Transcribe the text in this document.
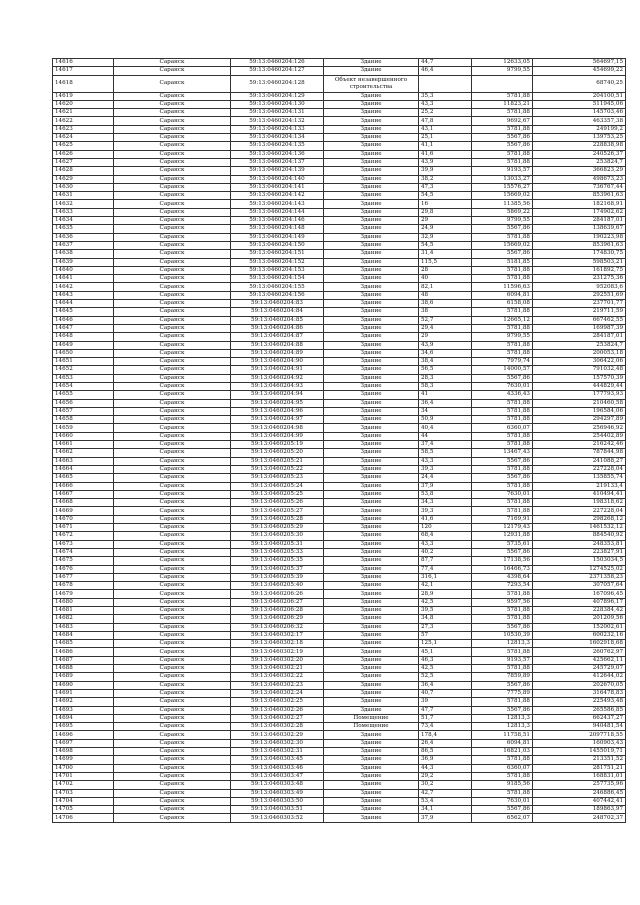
14616	Саранск	59:13:0460204:126	Здание	44,7	12633,05	564697,15
14617	Саранск	59:13:0460204:127	Здание	46,4	9799,55	454699,22
14618	Саранск	59:13:0460204:128	Объект незавершенного строительства			68740,25
14619	Саранск	59:13:0460204:129	Здание	35,3	5781,88	204100,51
14620	Саранск	59:13:0460204:130	Здание	43,3	11823,21	511945,06
14621	Саранск	59:13:0460204:131	Здание	25,2	5781,88	145703,46
14622	Саранск	59:13:0460204:132	Здание	47,8	9692,67	463357,38
14623	Саранск	59:13:0460204:133	Здание	43,1	5781,88	249199,2
14624	Саранск	59:13:0460204:134	Здание	25,1	5567,86	139753,25
14625	Саранск	59:13:0460204:135	Здание	41,1	5567,86	228838,98
14626	Саранск	59:13:0460204:136	Здание	41,6	5781,88	240526,37
14627	Саранск	59:13:0460204:137	Здание	43,9	5781,88	253824,7
14628	Саранск	59:13:0460204:139	Здание	39,9	9193,57	366823,29
14629	Саранск	59:13:0460204:140	Здание	38,2	13033,27	498673,23
14630	Саранск	59:13:0460204:141	Здание	47,3	15576,27	736767,44
14631	Саранск	59:13:0460204:142	Здание	54,5	15669,02	853961,63
14632	Саранск	59:13:0460204:143	Здание	16	11385,56	182168,91
14633	Саранск	59:13:0460204:144	Здание	29,8	5869,22	174902,62
14634	Саранск	59:13:0460204:146	Здание	29	9799,55	284187,01
14635	Саранск	59:13:0460204:148	Здание	24,9	5567,86	138639,67
14636	Саранск	59:13:0460204:149	Здание	32,9	5781,88	190223,98
14637	Саранск	59:13:0460204:150	Здание	54,5	15669,02	853961,63
14638	Саранск	59:13:0460204:151	Здание	31,4	5567,86	174830,75
14639	Саранск	59:13:0460204:152	Здание	115,5	5181,85	598503,21
14640	Саранск	59:13:0460204:153	Здание	28	5781,88	161892,75
14641	Саранск	59:13:0460204:154	Здание	40	5781,88	231275,36
14642	Саранск	59:13:0460204:155	Здание	82,1	11596,63	952083,6
14643	Саранск	59:13:0460204:156	Здание	48	6094,81	292551,69
14644	Саранск	59:13:0460204:83	Здание	38,6	6158,08	237701,77
14645	Саранск	59:13:0460204:84	Здание	38	5781,88	219711,59
14646	Саранск	59:13:0460204:85	Здание	52,7	12665,12	667462,55
14647	Саранск	59:13:0460204:86	Здание	29,4	5781,88	169987,39
14648	Саранск	59:13:0460204:87	Здание	29	9799,55	284187,01
14649	Саранск	59:13:0460204:88	Здание	43,9	5781,88	253824,7
14650	Саранск	59:13:0460204:89	Здание	34,6	5781,88	200053,18
14651	Саранск	59:13:0460204:90	Здание	38,4	7979,74	306422,06
14652	Саранск	59:13:0460204:91	Здание	56,5	14000,57	791032,48
14653	Саранск	59:13:0460204:92	Здание	28,3	5567,86	157570,39
14654	Саранск	59:13:0460204:93	Здание	58,3	7630,01	444829,44
14655	Саранск	59:13:0460204:94	Здание	41	4336,43	177793,93
14656	Саранск	59:13:0460204:95	Здание	36,4	5781,88	210460,58
14657	Саранск	59:13:0460204:96	Здание	34	5781,88	196584,06
14658	Саранск	59:13:0460204:97	Здание	50,9	5781,88	294297,89
14659	Саранск	59:13:0460204:98	Здание	40,4	6360,07	256946,92
14660	Саранск	59:13:0460204:99	Здание	44	5781,88	254402,89
14661	Саранск	59:13:0460205:19	Здание	37,4	5781,88	216242,46
14662	Саранск	59:13:0460205:20	Здание	58,5	13467,43	787844,98
14663	Саранск	59:13:0460205:21	Здание	43,3	5567,86	241088,27
14664	Саранск	59:13:0460205:22	Здание	39,3	5781,88	227228,04
14665	Саранск	59:13:0460205:23	Здание	24,4	5567,86	135855,74
14666	Саранск	59:13:0460205:24	Здание	37,9	5781,88	219133,4
14667	Саранск	59:13:0460205:25	Здание	53,8	7630,01	410494,41
14668	Саранск	59:13:0460205:26	Здание	34,3	5781,88	198318,62
14669	Саранск	59:13:0460205:27	Здание	39,3	5781,88	227228,04
14670	Саранск	59:13:0460205:28	Здание	41,6	7169,91	298268,12
14671	Саранск	59:13:0460205:29	Здание	120	12179,43	1461532,12
14672	Саранск	59:13:0460205:30	Здание	68,4	12931,88	884540,92
14673	Саранск	59:13:0460205:31	Здание	43,3	5735,61	248353,81
14674	Саранск	59:13:0460205:33	Здание	40,2	5567,86	223827,91
14675	Саранск	59:13:0460205:35	Здание	87,7	17138,56	1503034,5
14676	Саранск	59:13:0460205:37	Здание	77,4	16466,73	1274525,02
14677	Саранск	59:13:0460205:39	Здание	316,1	4398,64	2371358,23
14678	Саранск	59:13:0460205:40	Здание	42,1	7293,54	307057,64
14679	Саранск	59:13:0460206:26	Здание	28,9	5781,88	167096,45
14680	Саранск	59:13:0460206:27	Здание	42,5	9597,56	407896,17
14681	Саранск	59:13:0460206:28	Здание	39,5	5781,88	228384,42
14682	Саранск	59:13:0460206:29	Здание	34,8	5781,88	201209,56
14683	Саранск	59:13:0460206:32	Здание	27,3	5567,86	152002,61
14684	Саранск	59:13:0460302:17	Здание	57	10530,39	600232,16
14685	Саранск	59:13:0460302:18	Здание	125,1	12813,3	1602918,68
14686	Саранск	59:13:0460302:19	Здание	45,1	5781,88	260762,97
14687	Саранск	59:13:0460302:20	Здание	46,3	9193,57	425662,11
14688	Саранск	59:13:0460302:21	Здание	42,5	5781,88	245729,07
14689	Саранск	59:13:0460302:22	Здание	52,5	7859,89	412644,02
14690	Саранск	59:13:0460302:23	Здание	36,4	5567,86	202670,05
14691	Саранск	59:13:0460302:24	Здание	40,7	7775,89	316478,83
14692	Саранск	59:13:0460302:25	Здание	39	5781,88	225493,48
14693	Саранск	59:13:0460302:26	Здание	47,7	5567,86	265586,85
14694	Саранск	59:13:0460302:27	Помещение	51,7	12813,3	662437,27
14695	Саранск	59:13:0460302:28	Помещение	73,4	12813,3	940481,54
14696	Саранск	59:13:0460302:29	Здание	178,4	11758,51	2097718,55
14697	Саранск	59:13:0460302:30	Здание	26,4	6094,81	160903,43
14698	Саранск	59:13:0460302:31	Здание	86,5	16821,03	1455019,71
14699	Саранск	59:13:0460303:45	Здание	36,9	5781,88	213351,52
14700	Саранск	59:13:0460303:46	Здание	44,3	6360,07	281751,21
14701	Саранск	59:13:0460303:47	Здание	29,2	5781,88	168831,01
14702	Саранск	59:13:0460303:48	Здание	30,2	9185,56	257735,96
14703	Саранск	59:13:0460303:49	Здание	42,7	5781,88	246886,45
14704	Саранск	59:13:0460303:50	Здание	53,4	7630,01	407442,41
14705	Саранск	59:13:0460303:51	Здание	34,1	5567,86	189863,97
14706	Саранск	59:13:0460303:52	Здание	37,9	6562,07	248702,37
